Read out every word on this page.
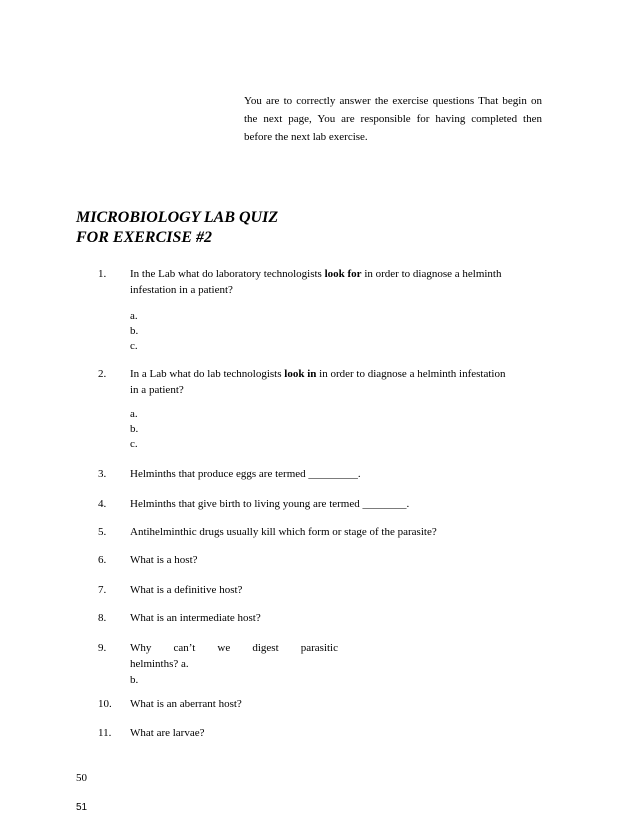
You are to correctly answer the exercise questions That begin on the next page, You are responsible for having completed then before the next lab exercise.
MICROBIOLOGY LAB QUIZ
FOR EXERCISE #2
1. In the Lab what do laboratory technologists look for in order to diagnose a helminth infestation in a patient?
a.
b.
c.
2. In a Lab what do lab technologists look in in order to diagnose a helminth infestation in a patient?
a.
b.
c.
3. Helminths that produce eggs are termed _________.
4. Helminths that give birth to living young are termed ________.
5. Antihelminthic drugs usually kill which form or stage of the parasite?
6. What is a host?
7. What is a definitive host?
8. What is an intermediate host?
9. Why can’t we digest parasitic
helminths? a.
b.
10. What is an aberrant host?
11. What are larvae?
50
51
